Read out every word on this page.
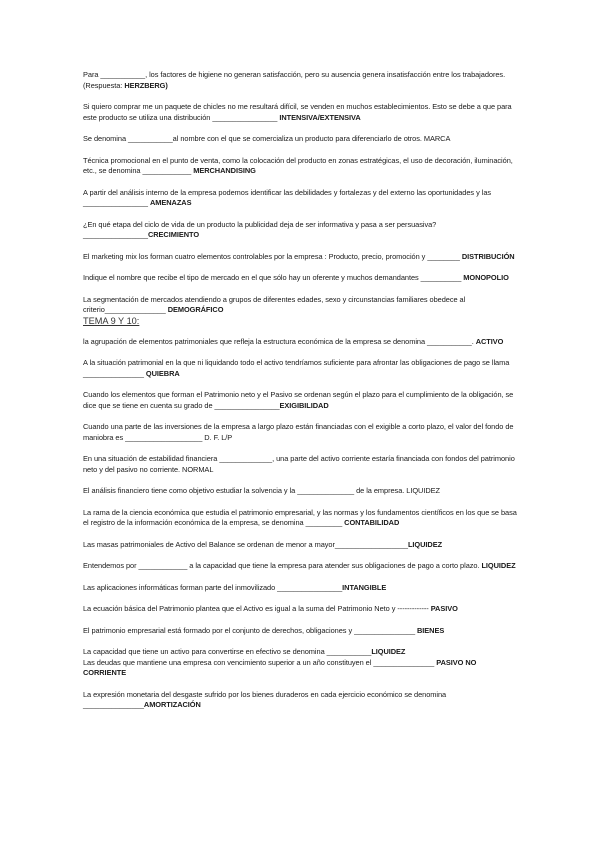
Para ___________, los factores de higiene no generan satisfacción, pero su ausencia genera insatisfacción entre los trabajadores. (Respuesta: HERZBERG)

Si quiero comprar me un paquete de chicles no me resultará difícil, se venden en muchos establecimientos. Esto se debe a que para este producto se utiliza una distribución ________________ INTENSIVA/EXTENSIVA

Se denomina ___________al nombre con el que se comercializa un producto para diferenciarlo de otros. MARCA

Técnica promocional en el punto de venta, como la colocación del producto en zonas estratégicas, el uso de decoración, iluminación, etc., se denomina ____________ MERCHANDISING

A partir del análisis interno de la empresa podemos identificar las debilidades y fortalezas y del externo las oportunidades y las ________________ AMENAZAS

¿En qué etapa del ciclo de vida de un producto la publicidad deja de ser informativa y pasa a ser persuasiva? ________________CRECIMIENTO

El marketing mix los forman cuatro elementos controlables por la empresa : Producto, precio, promoción y ________ DISTRIBUCIÓN

Indique el nombre que recibe el tipo de mercado en el que sólo hay un oferente y muchos demandantes __________ MONOPOLIO

La segmentación de mercados atendiendo a grupos de diferentes edades, sexo y circunstancias familiares obedece al criterio_______________ DEMOGRÁFICO

TEMA 9 Y 10:

la agrupación de elementos patrimoniales que refleja la estructura económica de la empresa se denomina ___________. ACTIVO

A la situación patrimonial en la que ni liquidando todo el activo tendríamos suficiente para afrontar las obligaciones de pago se llama _______________ QUIEBRA

Cuando los elementos que forman el Patrimonio neto y el Pasivo se ordenan según el plazo para el cumplimiento de la obligación, se dice que se tiene en cuenta su grado de ________________EXIGIBILIDAD

Cuando una parte de las inversiones de la empresa a largo plazo están financiadas con el exigible a corto plazo, el valor del fondo de maniobra es ___________________ D. F. L/P

En una situación de estabilidad financiera _____________, una parte del activo corriente estaría financiada con fondos del patrimonio neto y del pasivo no corriente. NORMAL

El análisis financiero tiene como objetivo estudiar la solvencia y la ______________ de la empresa. LIQUIDEZ

La rama de la ciencia económica que estudia el patrimonio empresarial, y las normas y los fundamentos científicos en los que se basa el registro de la información económica de la empresa, se denomina _________ CONTABILIDAD

Las masas patrimoniales de Activo del Balance se ordenan de menor a mayor__________________LIQUIDEZ

Entendemos por ____________ a la capacidad que tiene la empresa para atender sus obligaciones de pago a corto plazo. LIQUIDEZ

Las aplicaciones informáticas forman parte del inmovilizado ________________INTANGIBLE

La ecuación básica del Patrimonio plantea que el Activo es igual a la suma del Patrimonio Neto y ------------- PASIVO

El patrimonio empresarial está formado por el conjunto de derechos, obligaciones y _______________ BIENES

La capacidad que tiene un activo para convertirse en efectivo se denomina ___________LIQUIDEZ
Las deudas que mantiene una empresa con vencimiento superior a un año constituyen el _______________ PASIVO NO CORRIENTE

La expresión monetaria del desgaste sufrido por los bienes duraderos en cada ejercicio económico se denomina _______________AMORTIZACIÓN
